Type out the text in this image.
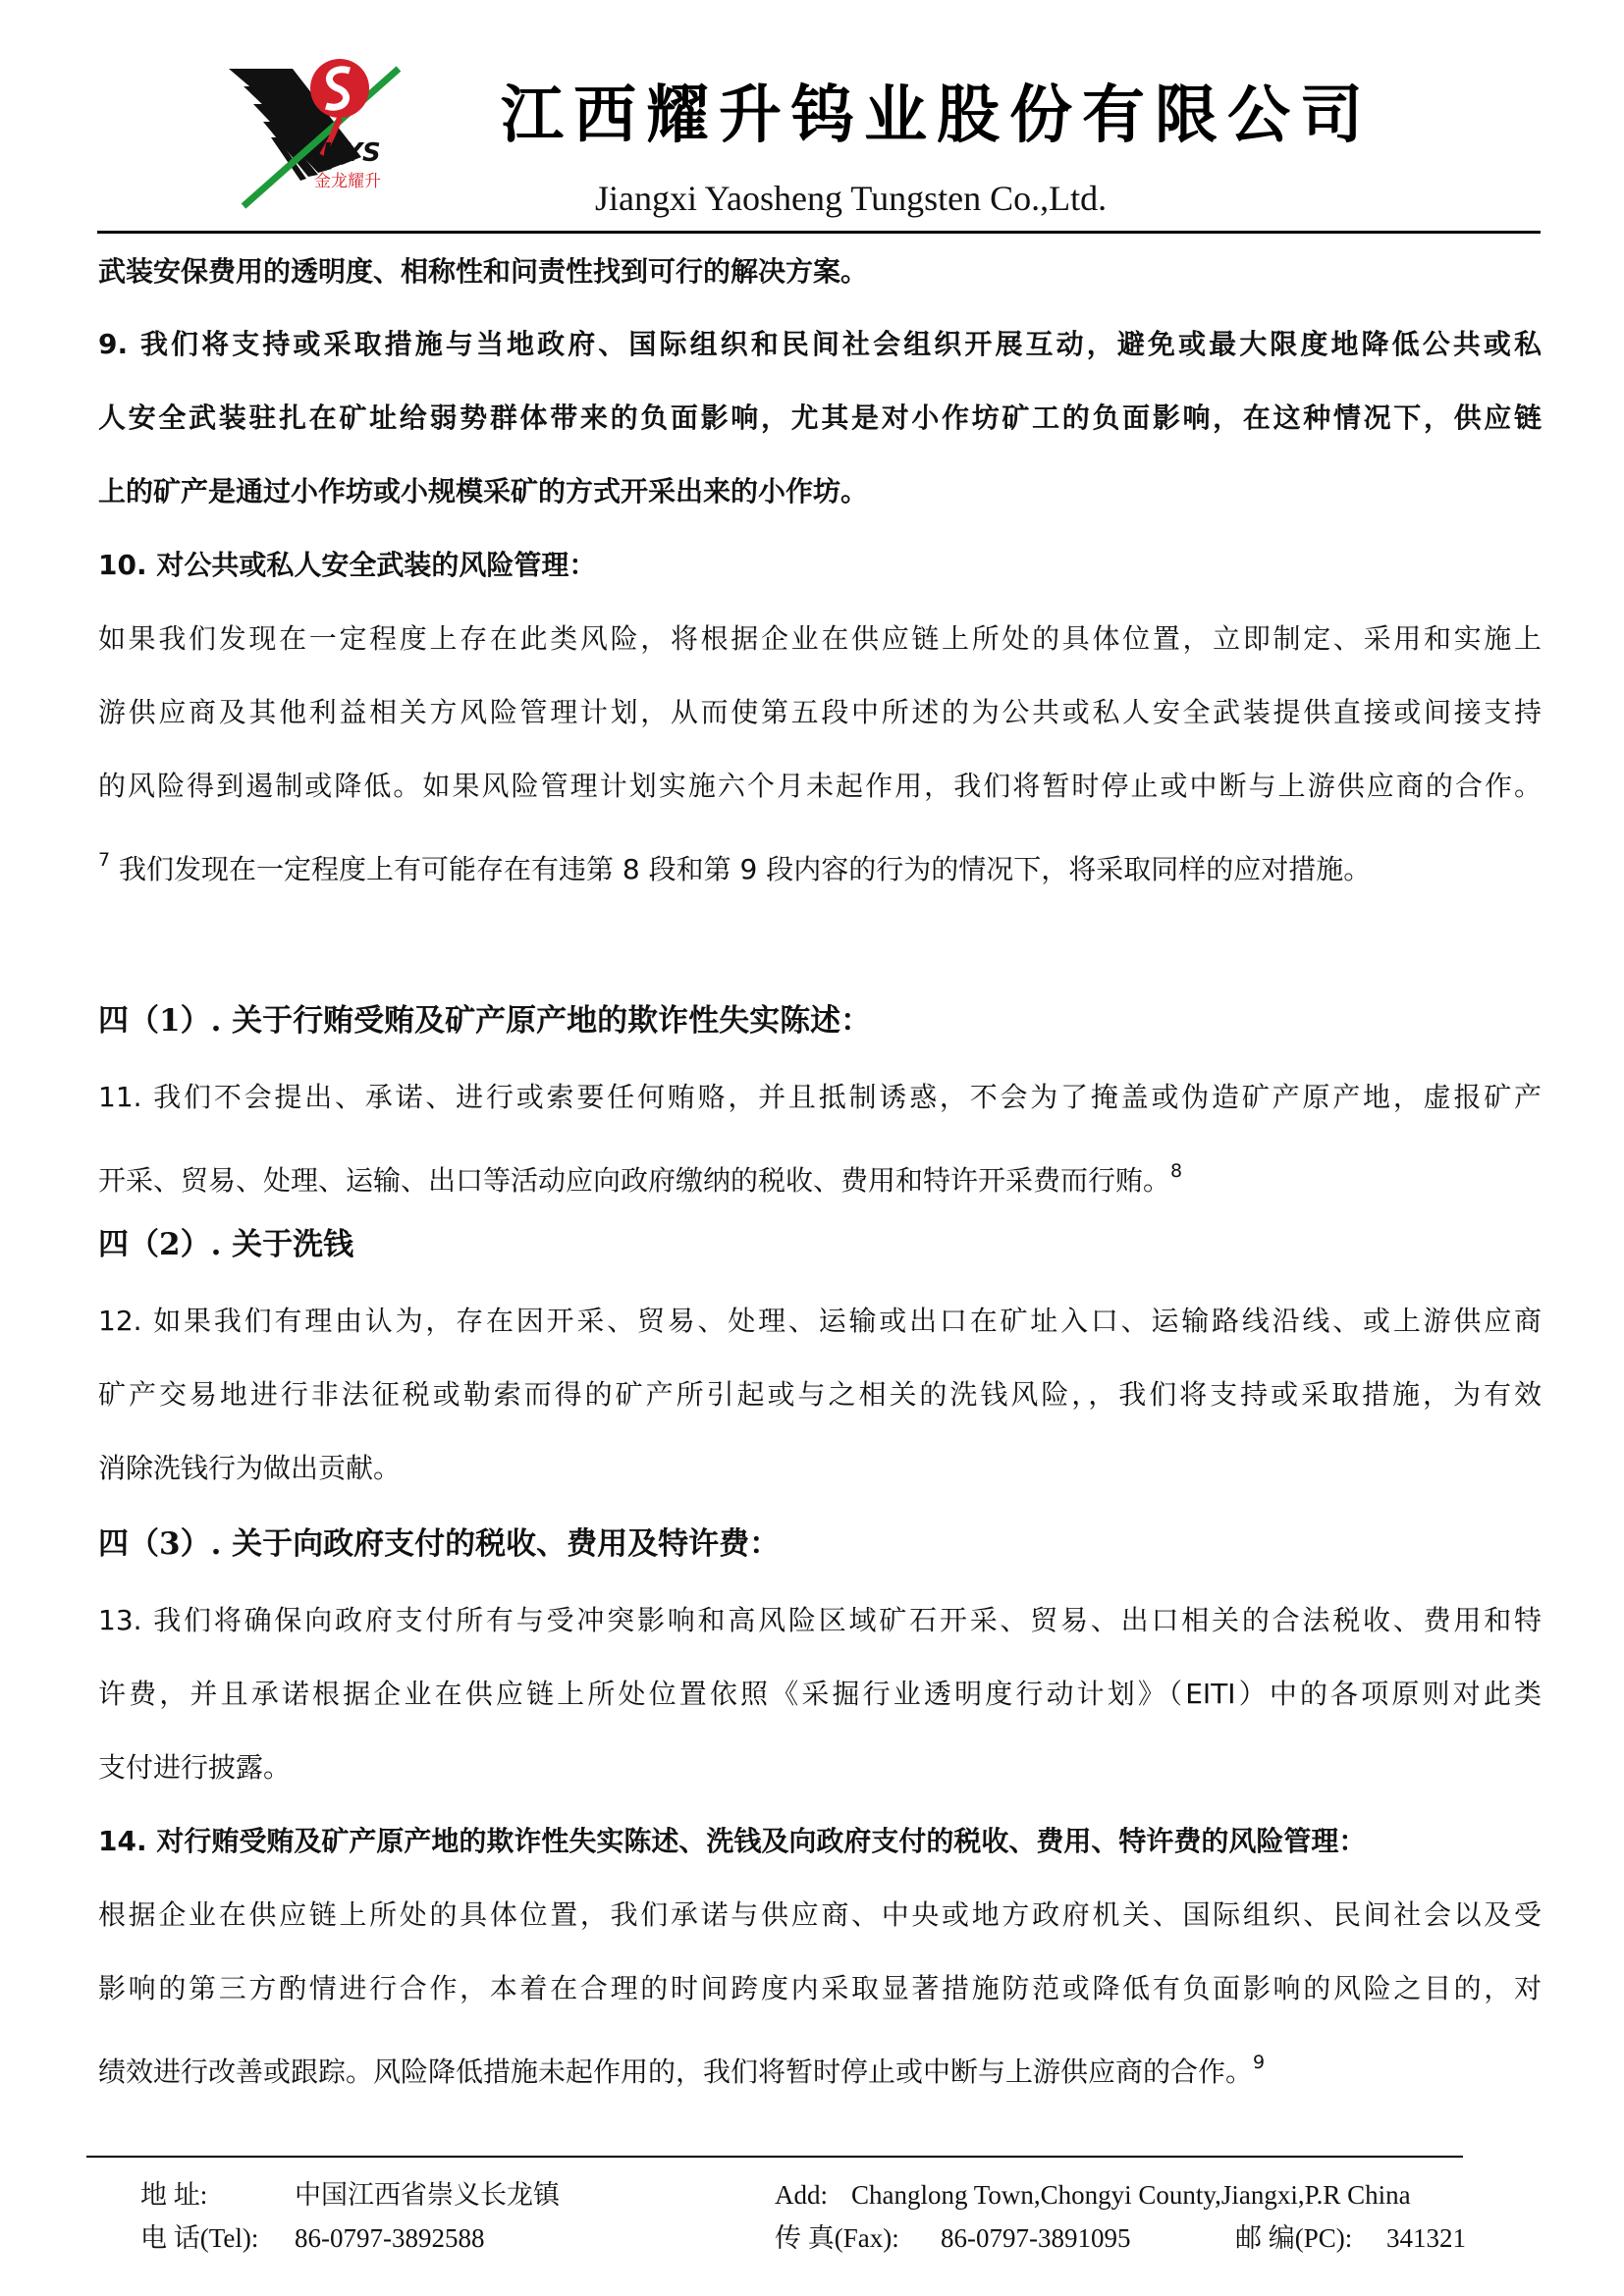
JLYS
金龙耀升
江西耀升钨业股份有限公司
Jiangxi Yaosheng Tungsten Co.,Ltd.
武装安保费用的透明度、相称性和问责性找到可行的解决方案。
9. 我们将支持或采取措施与当地政府、国际组织和民间社会组织开展互动，避免或最大限度地降低公共或私
人安全武装驻扎在矿址给弱势群体带来的负面影响，尤其是对小作坊矿工的负面影响，在这种情况下，供应链
上的矿产是通过小作坊或小规模采矿的方式开采出来的小作坊。
10. 对公共或私人安全武装的风险管理：
如果我们发现在一定程度上存在此类风险，将根据企业在供应链上所处的具体位置，立即制定、采用和实施上
游供应商及其他利益相关方风险管理计划，从而使第五段中所述的为公共或私人安全武装提供直接或间接支持
的风险得到遏制或降低。如果风险管理计划实施六个月未起作用，我们将暂时停止或中断与上游供应商的合作。
$^7$ 我们发现在一定程度上有可能存在有违第 8 段和第 9 段内容的行为的情况下，将采取同样的应对措施。
四（1）. 关于行贿受贿及矿产原产地的欺诈性失实陈述：
11. 我们不会提出、承诺、进行或索要任何贿赂，并且抵制诱惑，不会为了掩盖或伪造矿产原产地，虚报矿产
开采、贸易、处理、运输、出口等活动应向政府缴纳的税收、费用和特许开采费而行贿。$^8$
四（2）. 关于洗钱
12. 如果我们有理由认为，存在因开采、贸易、处理、运输或出口在矿址入口、运输路线沿线、或上游供应商
矿产交易地进行非法征税或勒索而得的矿产所引起或与之相关的洗钱风险，，我们将支持或采取措施，为有效
消除洗钱行为做出贡献。
四（3）. 关于向政府支付的税收、费用及特许费：
13. 我们将确保向政府支付所有与受冲突影响和高风险区域矿石开采、贸易、出口相关的合法税收、费用和特
许费，并且承诺根据企业在供应链上所处位置依照《采掘行业透明度行动计划》（EITI）中的各项原则对此类
支付进行披露。
14. 对行贿受贿及矿产原产地的欺诈性失实陈述、洗钱及向政府支付的税收、费用、特许费的风险管理：
根据企业在供应链上所处的具体位置，我们承诺与供应商、中央或地方政府机关、国际组织、民间社会以及受
影响的第三方酌情进行合作，本着在合理的时间跨度内采取显著措施防范或降低有负面影响的风险之目的，对
绩效进行改善或跟踪。风险降低措施未起作用的，我们将暂时停止或中断与上游供应商的合作。$^9$
地 址:	中国江西省崇义长龙镇	Add: Changlong Town,Chongyi County,Jiangxi,P.R China
电 话(Tel): 86-0797-3892588	传 真(Fax): 86-0797-3891095	邮 编(PC): 341321
